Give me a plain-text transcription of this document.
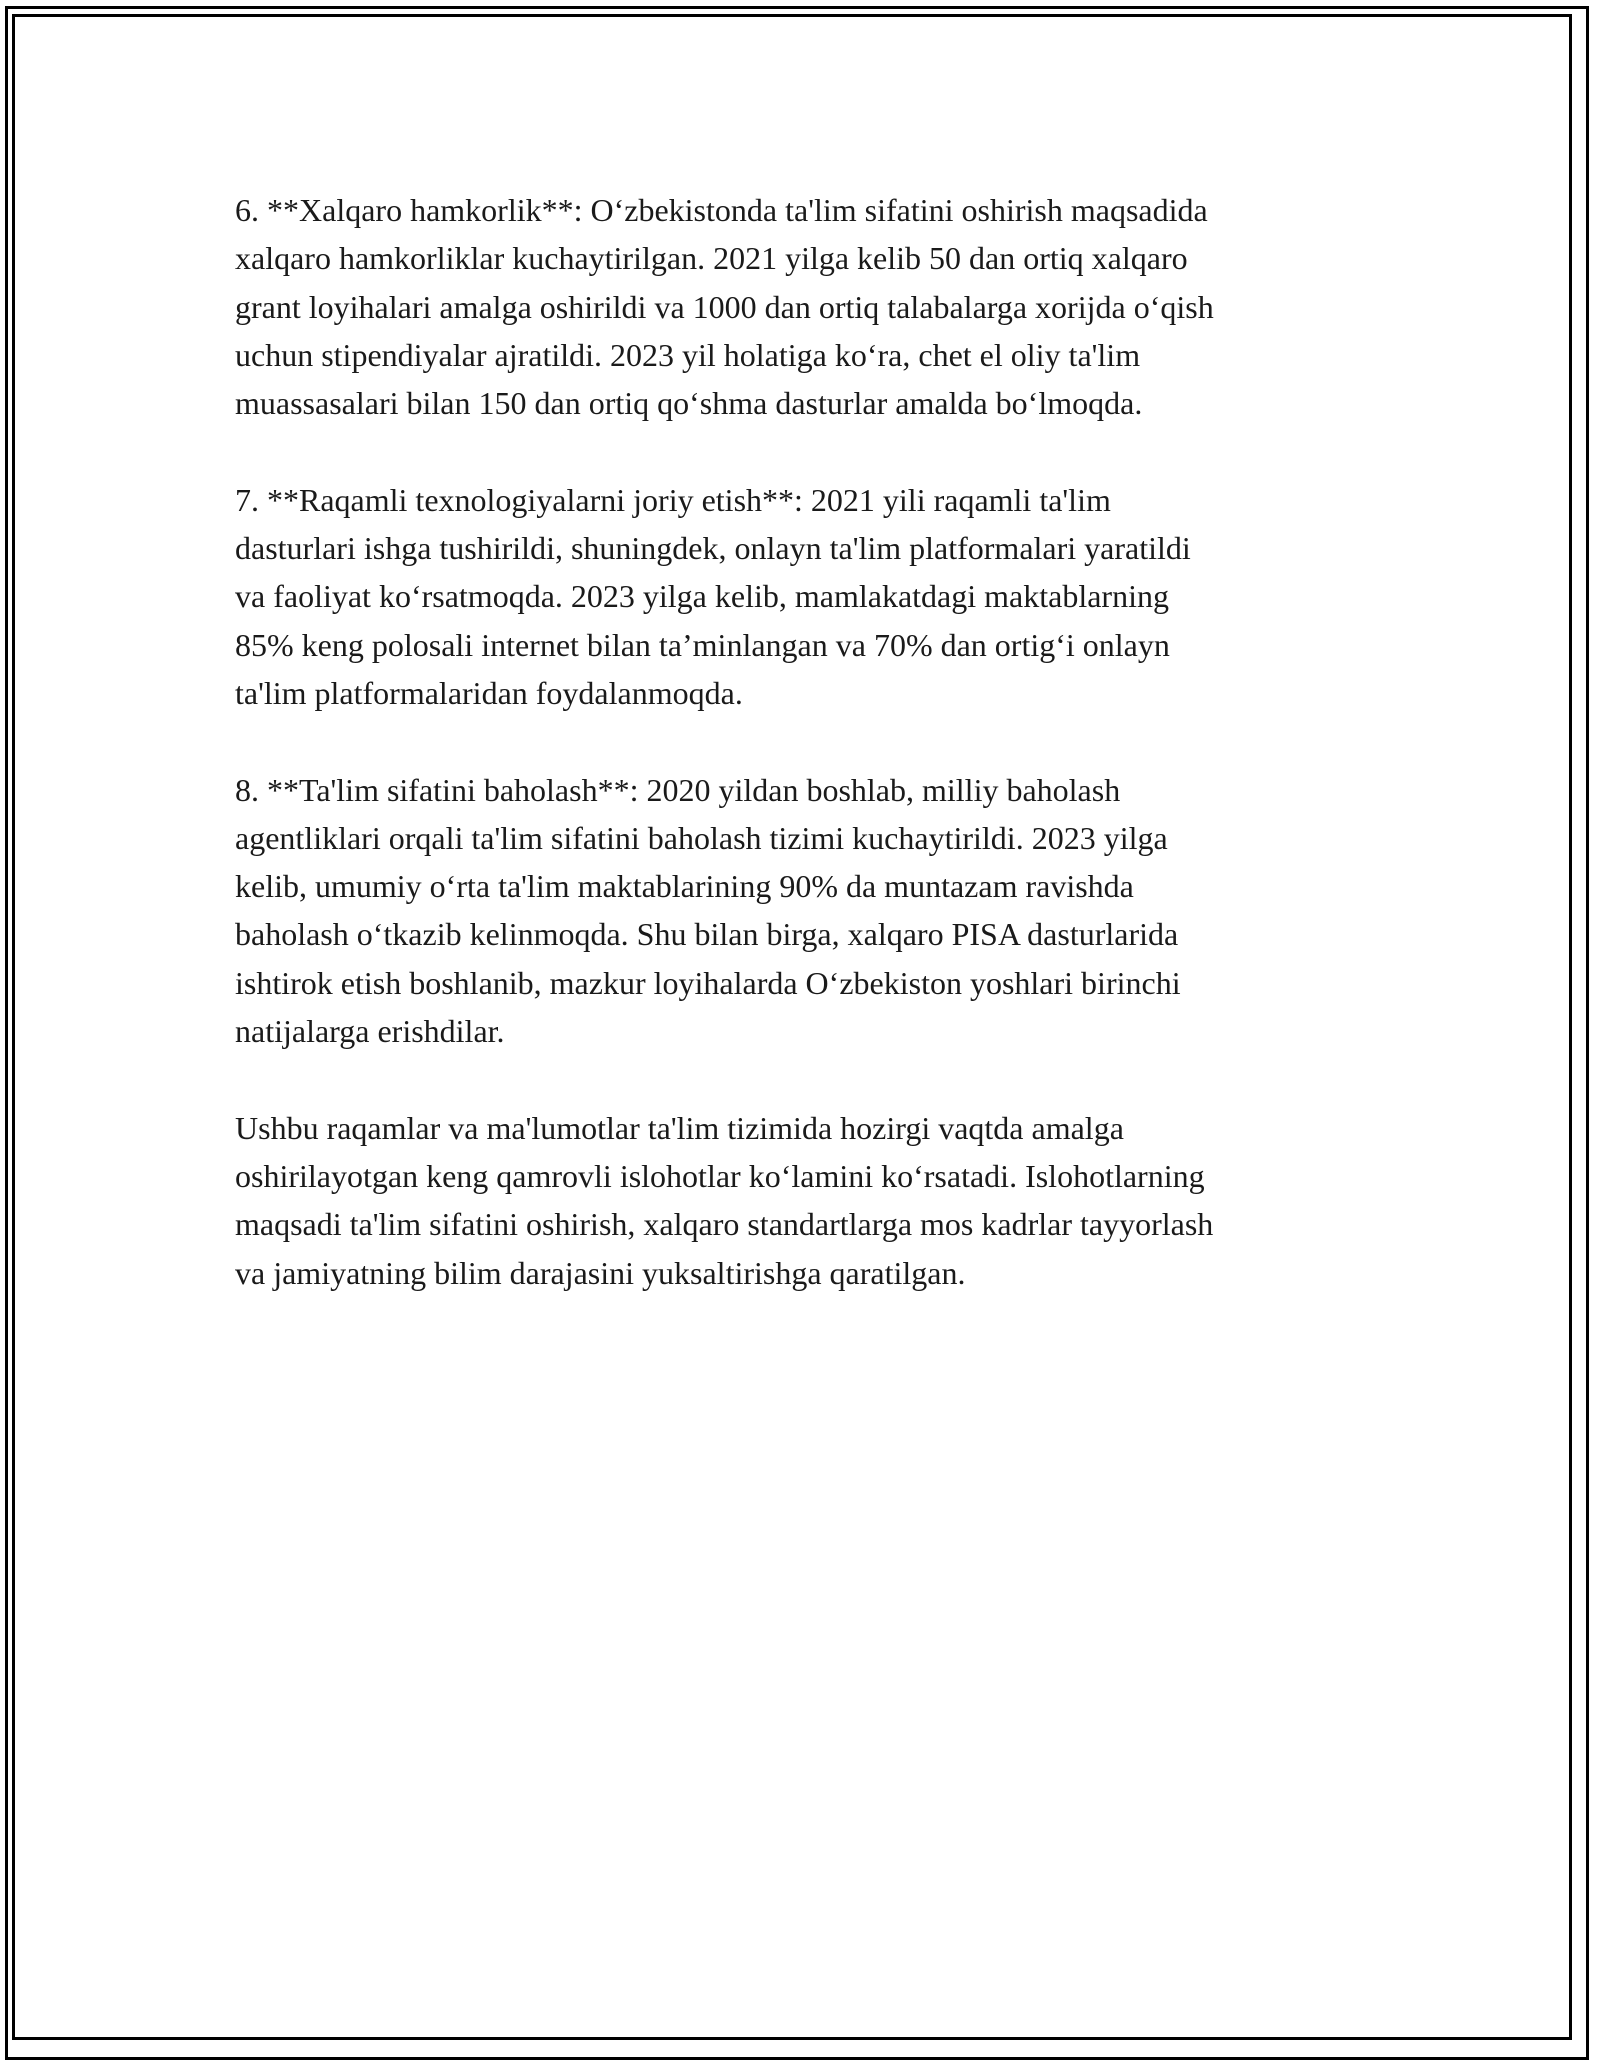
6. **Xalqaro hamkorlik**: O‘zbekistonda ta'lim sifatini oshirish maqsadida
xalqaro hamkorliklar kuchaytirilgan. 2021 yilga kelib 50 dan ortiq xalqaro
grant loyihalari amalga oshirildi va 1000 dan ortiq talabalarga xorijda o‘qish
uchun stipendiyalar ajratildi. 2023 yil holatiga ko‘ra, chet el oliy ta'lim
muassasalari bilan 150 dan ortiq qo‘shma dasturlar amalda bo‘lmoqda.

7. **Raqamli texnologiyalarni joriy etish**: 2021 yili raqamli ta'lim
dasturlari ishga tushirildi, shuningdek, onlayn ta'lim platformalari yaratildi
va faoliyat ko‘rsatmoqda. 2023 yilga kelib, mamlakatdagi maktablarning
85% keng polosali internet bilan ta’minlangan va 70% dan ortig‘i onlayn
ta'lim platformalaridan foydalanmoqda.

8. **Ta'lim sifatini baholash**: 2020 yildan boshlab, milliy baholash
agentliklari orqali ta'lim sifatini baholash tizimi kuchaytirildi. 2023 yilga
kelib, umumiy o‘rta ta'lim maktablarining 90% da muntazam ravishda
baholash o‘tkazib kelinmoqda. Shu bilan birga, xalqaro PISA dasturlarida
ishtirok etish boshlanib, mazkur loyihalarda O‘zbekiston yoshlari birinchi
natijalarga erishdilar.

Ushbu raqamlar va ma'lumotlar ta'lim tizimida hozirgi vaqtda amalga
oshirilayotgan keng qamrovli islohotlar ko‘lamini ko‘rsatadi. Islohotlarning
maqsadi ta'lim sifatini oshirish, xalqaro standartlarga mos kadrlar tayyorlash
va jamiyatning bilim darajasini yuksaltirishga qaratilgan.
